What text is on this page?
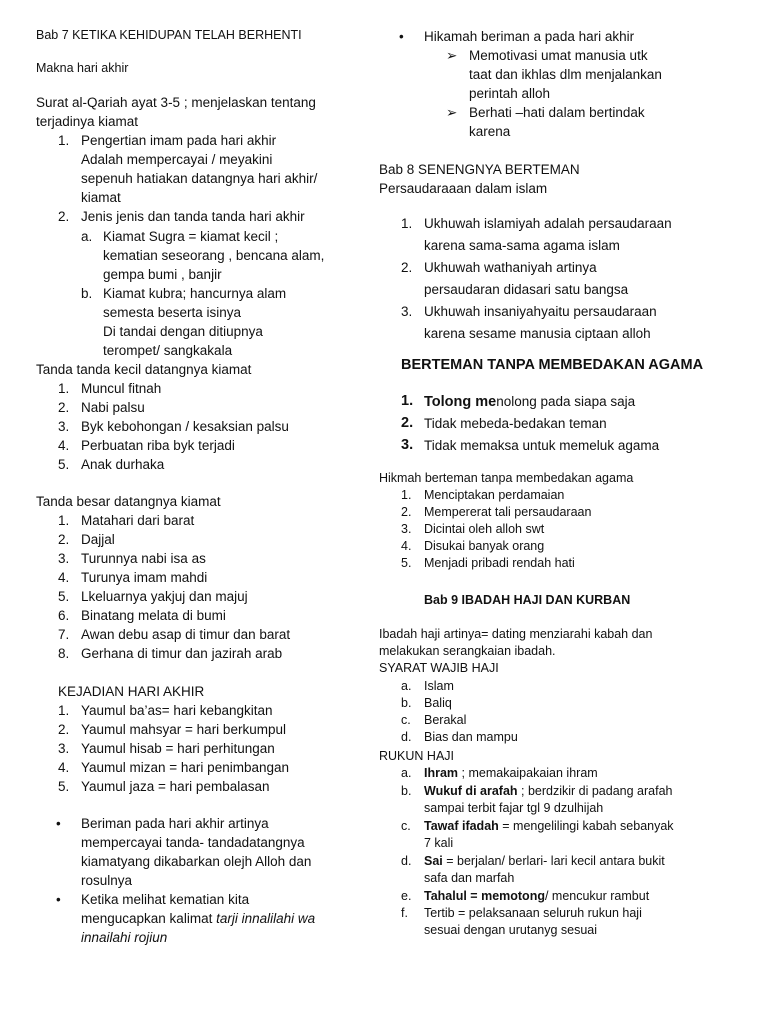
Bab 7 KETIKA KEHIDUPAN TELAH BERHENTI
Makna hari akhir
Surat al-Qariah ayat 3-5 ; menjelaskan tentang
terjadinya kiamat
1. Pengertian imam pada hari akhir
Adalah mempercayai / meyakini
sepenuh hatiakan datangnya hari akhir/
kiamat
2. Jenis jenis dan tanda tanda hari akhir
a. Kiamat Sugra = kiamat kecil ;
kematian seseorang , bencana alam,
gempa bumi , banjir
b. Kiamat kubra; hancurnya alam
semesta beserta isinya
Di tandai dengan ditiupnya
terompet/ sangkakala
Tanda tanda kecil datangnya kiamat
1. Muncul fitnah
2. Nabi palsu
3. Byk kebohongan / kesaksian palsu
4. Perbuatan riba byk terjadi
5. Anak durhaka
Tanda besar datangnya kiamat
1. Matahari dari barat
2. Dajjal
3. Turunnya nabi isa as
4. Turunya imam mahdi
5. Lkeluarnya yakjuj dan majuj
6. Binatang melata di bumi
7. Awan debu asap di timur dan barat
8. Gerhana di timur dan jazirah arab
KEJADIAN HARI AKHIR
1. Yaumul ba’as= hari kebangkitan
2. Yaumul mahsyar = hari berkumpul
3. Yaumul hisab = hari perhitungan
4. Yaumul mizan = hari penimbangan
5. Yaumul jaza = hari pembalasan
• Beriman pada hari akhir artinya
mempercayai tanda- tandadatangnya
kiamatyang dikabarkan olejh Alloh dan
rosulnya
• Ketika melihat kematian kita
mengucapkan kalimat tarji innalilahi wa
innailahi rojiun
• Hikamah beriman a pada hari akhir
➢ Memotivasi umat manusia utk
taat dan ikhlas dlm menjalankan
perintah alloh
➢ Berhati –hati dalam bertindak
karena
Bab 8 SENENGNYA BERTEMAN
Persaudaraaan dalam islam
1. Ukhuwah islamiyah adalah persaudaraan
karena sama-sama agama islam
2. Ukhuwah wathaniyah artinya
persaudaran didasari satu bangsa
3. Ukhuwah insaniyahyaitu persaudaraan
karena sesame manusia ciptaan alloh
BERTEMAN TANPA MEMBEDAKAN AGAMA
1. Tolong menolong pada siapa saja
2. Tidak mebeda-bedakan teman
3. Tidak memaksa untuk memeluk agama
Hikmah berteman tanpa membedakan agama
1. Menciptakan perdamaian
2. Mempererat tali persaudaraan
3. Dicintai oleh alloh swt
4. Disukai banyak orang
5. Menjadi pribadi rendah hati
Bab 9 IBADAH HAJI DAN KURBAN
Ibadah haji artinya= dating menziarahi kabah dan
melakukan serangkaian ibadah.
SYARAT WAJIB HAJI
a. Islam
b. Baliq
c. Berakal
d. Bias dan mampu
RUKUN HAJI
a. Ihram ; memakaipakaian ihram
b. Wukuf di arafah ; berdzikir di padang arafah
sampai terbit fajar tgl 9 dzulhijah
c. Tawaf ifadah = mengelilingi kabah sebanyak
7 kali
d. Sai = berjalan/ berlari- lari kecil antara bukit
safa dan marfah
e. Tahalul = memotong/ mencukur rambut
f. Tertib = pelaksanaan seluruh rukun haji
sesuai dengan urutanyg sesuai
